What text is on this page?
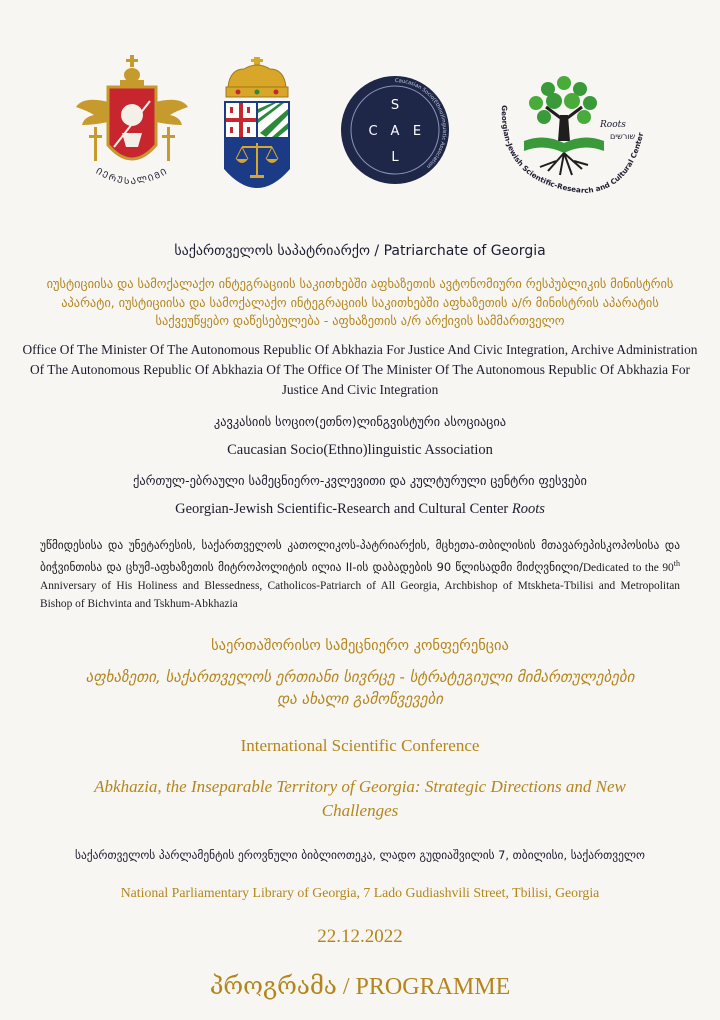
ᲘᲔᲠᲣᲡᲐᲚᲘᲛᲘ
Caucasian Socio(Ethno)linguistic Association
S
C A E
L
Roots
שורשים
Georgian-Jewish Scientific-Research and Cultural Center
საქართველოს საპატრიარქო / Patriarchate of Georgia
იუსტიციისა და სამოქალაქო ინტეგრაციის საკითხებში აფხაზეთის ავტონომიური რესპუბლიკის მინისტრის აპარატი, იუსტიციისა და სამოქალაქო ინტეგრაციის საკითხებში აფხაზეთის ა/რ მინისტრის აპარატის საქვეუწყებო დაწესებულება - აფხაზეთის ა/რ არქივის სამმართველო
Office Of The Minister Of The Autonomous Republic Of Abkhazia For Justice And Civic Integration, Archive Administration Of The Autonomous Republic Of Abkhazia Of The Office Of The Minister Of The Autonomous Republic Of Abkhazia For Justice And Civic Integration
კავკასიის სოციო(ეთნო)ლინგვისტური ასოციაცია
Caucasian Socio(Ethno)linguistic Association
ქართულ-ებრაული სამეცნიერო-კვლევითი და კულტურული ცენტრი ფესვები
Georgian-Jewish Scientific-Research and Cultural Center Roots
უწმიდესისა და უნეტარესის, საქართველოს კათოლიკოს-პატრიარქის, მცხეთა-თბილისის მთავარეპისკოპოსისა და ბიჭვინთისა და ცხუმ-აფხაზეთის მიტროპოლიტის ილია II-ის დაბადების 90 წლისადმი მიძღვნილი/Dedicated to the 90th Anniversary of His Holiness and Blessedness, Catholicos-Patriarch of All Georgia, Archbishop of Mtskheta-Tbilisi and Metropolitan Bishop of Bichvinta and Tskhum-Abkhazia
საერთაშორისო სამეცნიერო კონფერენცია
აფხაზეთი, საქართველოს ერთიანი სივრცე - სტრატეგიული მიმართულებები და ახალი გამოწვევები
International Scientific Conference
Abkhazia, the Inseparable Territory of Georgia: Strategic Directions and New Challenges
საქართველოს პარლამენტის ეროვნული ბიბლიოთეკა, ლადო გუდიაშვილის 7, თბილისი, საქართველო
National Parliamentary Library of Georgia, 7 Lado Gudiashvili Street, Tbilisi, Georgia
22.12.2022
პროგრამა / PROGRAMME
